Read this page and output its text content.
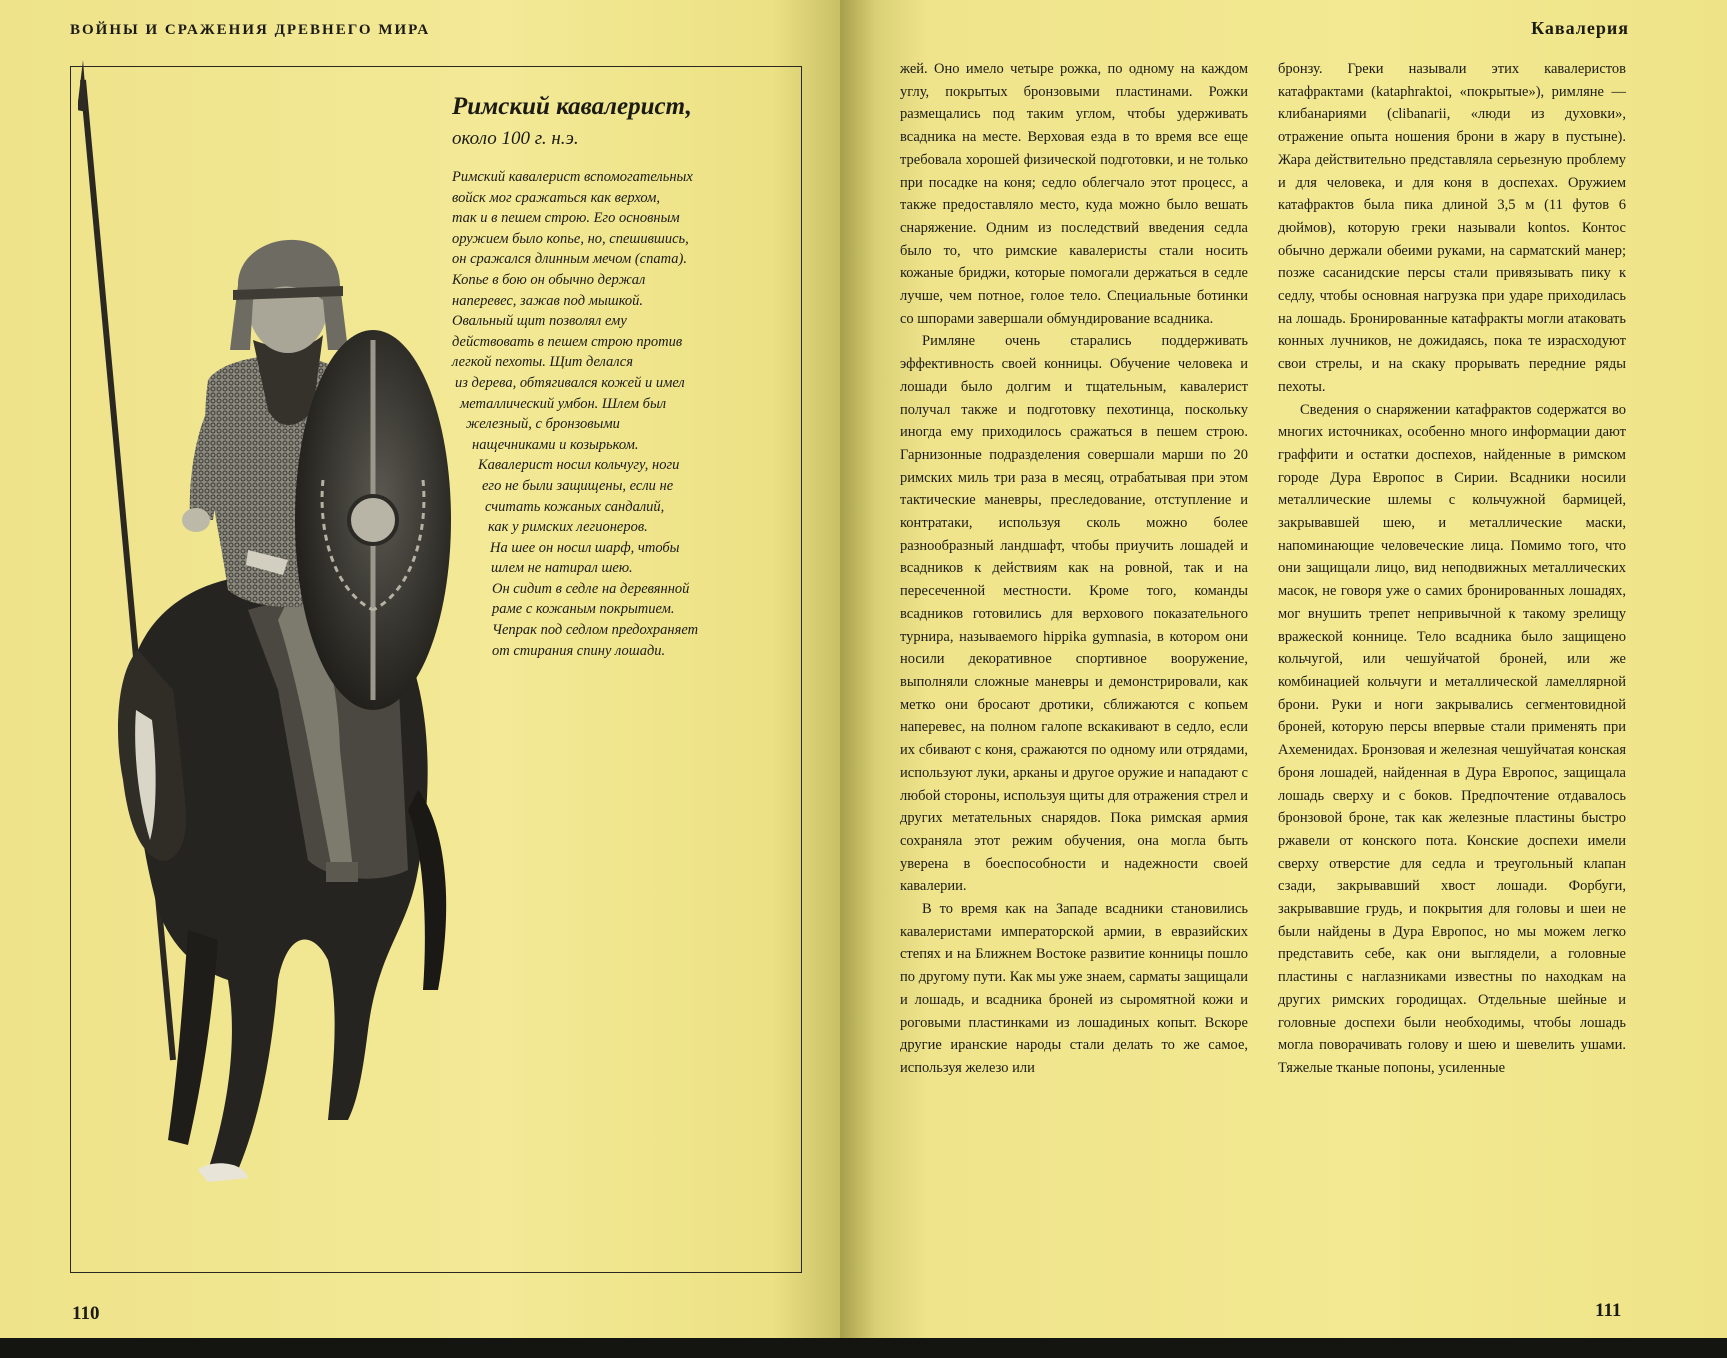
ВОЙНЫ И СРАЖЕНИЯ ДРЕВНЕГО МИРА
Римский кавалерист,
около 100 г. н.э.
Римский кавалерист вспомогательных
войск мог сражаться как верхом,
так и в пешем строю. Его основным
оружием было копье, но, спешившись,
он сражался длинным мечом (спата).
Копье в бою он обычно держал
наперевес, зажав под мышкой.
Овальный щит позволял ему
действовать в пешем строю против
легкой пехоты. Щит делался
из дерева, обтягивался кожей и имел
металлический умбон. Шлем был
железный, с бронзовыми
нащечниками и козырьком.
Кавалерист носил кольчугу, ноги
его не были защищены, если не
считать кожаных сандалий,
как у римских легионеров.
На шее он носил шарф, чтобы
шлем не натирал шею.
Он сидит в седле на деревянной
раме с кожаным покрытием.
Чепрак под седлом предохраняет
от стирания спину лошади.
110
Кавалерия

жей. Оно имело четыре рожка, по одному на каждом углу, покрытых бронзовыми пластинами. Рожки размещались под таким углом, чтобы удерживать всадника на месте. Верховая езда в то время все еще требовала хорошей физической подготовки, и не только при посадке на коня; седло облегчало этот процесс, а также предоставляло место, куда можно было вешать снаряжение. Одним из последствий введения седла было то, что римские кавалеристы стали носить кожаные бриджи, которые помогали держаться в седле лучше, чем потное, голое тело. Специальные ботинки со шпорами завершали обмундирование всадника.

Римляне очень старались поддерживать эффективность своей конницы. Обучение человека и лошади было долгим и тщательным, кавалерист получал также и подготовку пехотинца, поскольку иногда ему приходилось сражаться в пешем строю. Гарнизонные подразделения совершали марши по 20 римских миль три раза в месяц, отрабатывая при этом тактические маневры, преследование, отступление и контратаки, используя сколь можно более разнообразный ландшафт, чтобы приучить лошадей и всадников к действиям как на ровной, так и на пересеченной местности. Кроме того, команды всадников готовились для верхового показательного турнира, называемого hippika gymnasia, в котором они носили декоративное спортивное вооружение, выполняли сложные маневры и демонстрировали, как метко они бросают дротики, сближаются с копьем наперевес, на полном галопе вскакивают в седло, если их сбивают с коня, сражаются по одному или отрядами, используют луки, арканы и другое оружие и нападают с любой стороны, используя щиты для отражения стрел и других метательных снарядов. Пока римская армия сохраняла этот режим обучения, она могла быть уверена в боеспособности и надежности своей кавалерии.

В то время как на Западе всадники становились кавалеристами императорской армии, в евразийских степях и на Ближнем Востоке развитие конницы пошло по другому пути. Как мы уже знаем, сарматы защищали и лошадь, и всадника броней из сыромятной кожи и роговыми пластинками из лошадиных копыт. Вскоре другие иранские народы стали делать то же самое, используя железо или

бронзу. Греки называли этих кавалеристов катафрактами (kataphraktoi, «покрытые»), римляне — клибанариями (clibanarii, «люди из духовки», отражение опыта ношения брони в жару в пустыне). Жара действительно представляла серьезную проблему и для человека, и для коня в доспехах. Оружием катафрактов была пика длиной 3,5 м (11 футов 6 дюймов), которую греки называли kontos. Контос обычно держали обеими руками, на сарматский манер; позже сасанидские персы стали привязывать пику к седлу, чтобы основная нагрузка при ударе приходилась на лошадь. Бронированные катафракты могли атаковать конных лучников, не дожидаясь, пока те израсходуют свои стрелы, и на скаку прорывать передние ряды пехоты.

Сведения о снаряжении катафрактов содержатся во многих источниках, особенно много информации дают граффити и остатки доспехов, найденные в римском городе Дура Европос в Сирии. Всадники носили металлические шлемы с кольчужной бармицей, закрывавшей шею, и металлические маски, напоминающие человеческие лица. Помимо того, что они защищали лицо, вид неподвижных металлических масок, не говоря уже о самих бронированных лошадях, мог внушить трепет непривычной к такому зрелищу вражеской коннице. Тело всадника было защищено кольчугой, или чешуйчатой броней, или же комбинацией кольчуги и металлической ламеллярной брони. Руки и ноги закрывались сегментовидной броней, которую персы впервые стали применять при Ахеменидах. Бронзовая и железная чешуйчатая конская броня лошадей, найденная в Дура Европос, защищала лошадь сверху и с боков. Предпочтение отдавалось бронзовой броне, так как железные пластины быстро ржавели от конского пота. Конские доспехи имели сверху отверстие для седла и треугольный клапан сзади, закрывавший хвост лошади. Форбуги, закрывавшие грудь, и покрытия для головы и шеи не были найдены в Дура Европос, но мы можем легко представить себе, как они выглядели, а головные пластины с наглазниками известны по находкам на других римских городищах. Отдельные шейные и головные доспехи были необходимы, чтобы лошадь могла поворачивать голову и шею и шевелить ушами. Тяжелые тканые попоны, усиленные

111
